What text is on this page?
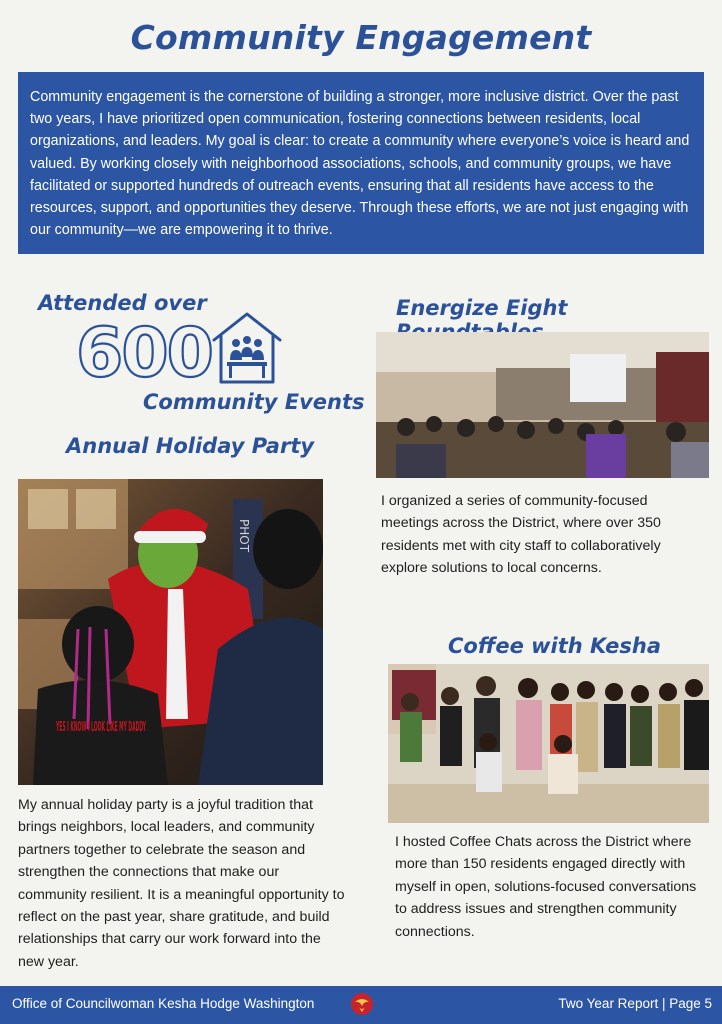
Community Engagement

Community engagement is the cornerstone of building a stronger, more inclusive district. Over the past two years, I have prioritized open communication, fostering connections between residents, local organizations, and leaders. My goal is clear: to create a community where everyone’s voice is heard and valued. By working closely with neighborhood associations, schools, and community groups, we have facilitated or supported hundreds of outreach events, ensuring that all residents have access to the resources, support, and opportunities they deserve. Through these efforts, we are not just engaging with our community—we are empowering it to thrive.

Attended over
600
Community Events
Annual Holiday Party
YES I KNOW I LOOK LIKE MY DADDY
PHOT
My annual holiday party is a joyful tradition that brings neighbors, local leaders, and community partners together to celebrate the season and strengthen the connections that make our community resilient. It is a meaningful opportunity to reflect on the past year, share gratitude, and build relationships that carry our work forward into the new year.
Energize Eight
I organized a series of community-focused meetings across the District, where over 350 residents met with city staff to collaboratively explore solutions to local concerns.
Coffee with Kesha
I hosted Coffee Chats across the District where more than 150 residents engaged directly with myself in open, solutions-focused conversations to address issues and strengthen community connections.
Office of Councilwoman Kesha Hodge Washington	Two Year Report | Page 5
